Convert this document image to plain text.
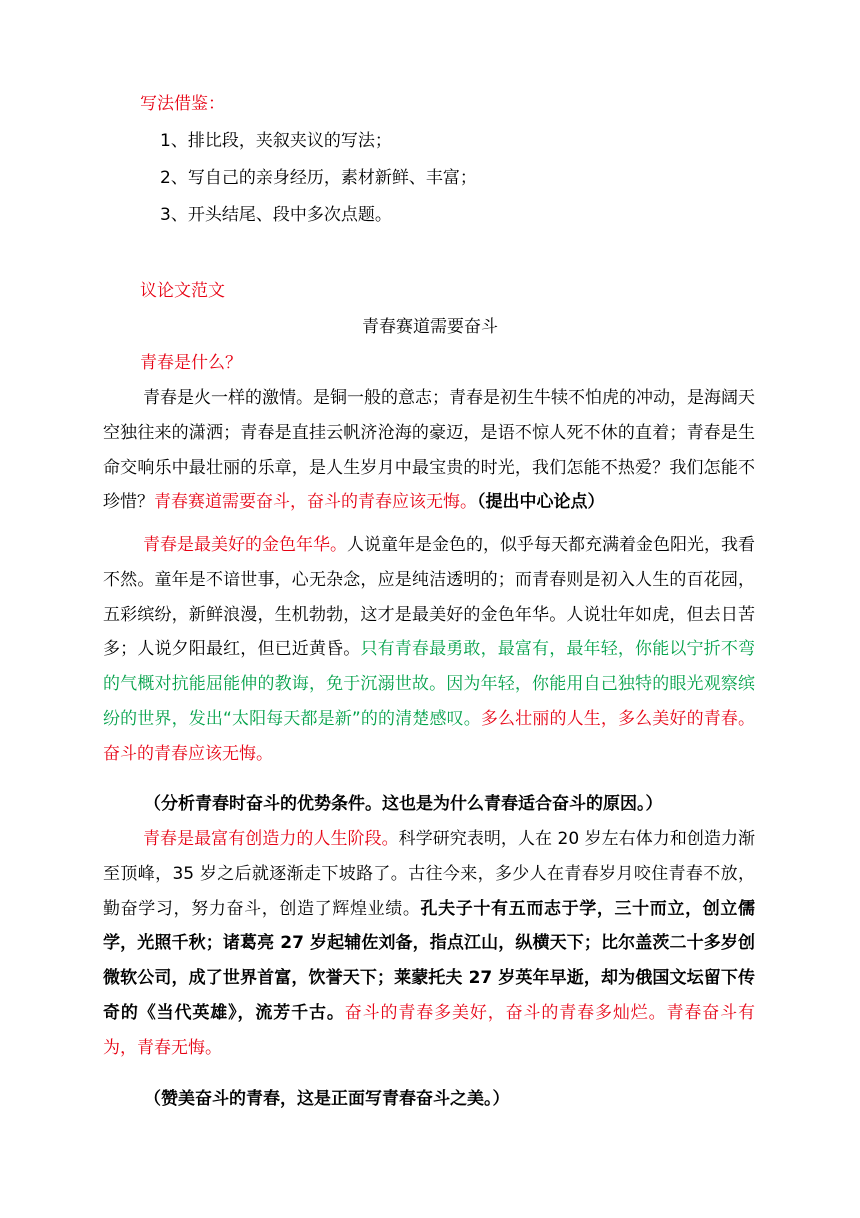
写法借鉴：
1、排比段，夹叙夹议的写法；
2、写自己的亲身经历，素材新鲜、丰富；
3、开头结尾、段中多次点题。
议论文范文
青春赛道需要奋斗
青春是什么？

青春是火一样的激情。是铜一般的意志；青春是初生牛犊不怕虎的冲动，是海阔天空独往来的潇洒；青春是直挂云帆济沧海的豪迈，是语不惊人死不休的直着；青春是生命交响乐中最壮丽的乐章，是人生岁月中最宝贵的时光，我们怎能不热爱？我们怎能不珍惜？青春赛道需要奋斗，奋斗的青春应该无悔。（提出中心论点）

青春是最美好的金色年华。人说童年是金色的，似乎每天都充满着金色阳光，我看不然。童年是不谙世事，心无杂念，应是纯洁透明的；而青春则是初入人生的百花园，五彩缤纷，新鲜浪漫，生机勃勃，这才是最美好的金色年华。人说壮年如虎，但去日苦多；人说夕阳最红，但已近黄昏。只有青春最勇敢，最富有，最年轻，你能以宁折不弯的气概对抗能屈能伸的教诲，免于沉溺世故。因为年轻，你能用自己独特的眼光观察缤纷的世界，发出“太阳每天都是新”的的清楚感叹。多么壮丽的人生，多么美好的青春。奋斗的青春应该无悔。

（分析青春时奋斗的优势条件。这也是为什么青春适合奋斗的原因。）

青春是最富有创造力的人生阶段。科学研究表明，人在 20 岁左右体力和创造力渐至顶峰，35 岁之后就逐渐走下坡路了。古往今来，多少人在青春岁月咬住青春不放，勤奋学习，努力奋斗，创造了辉煌业绩。孔夫子十有五而志于学，三十而立，创立儒学，光照千秋；诸葛亮 27 岁起辅佐刘备，指点江山，纵横天下；比尔盖茨二十多岁创微软公司，成了世界首富，饮誉天下；莱蒙托夫 27 岁英年早逝，却为俄国文坛留下传奇的《当代英雄》，流芳千古。奋斗的青春多美好，奋斗的青春多灿烂。青春奋斗有为，青春无悔。

（赞美奋斗的青春，这是正面写青春奋斗之美。）
